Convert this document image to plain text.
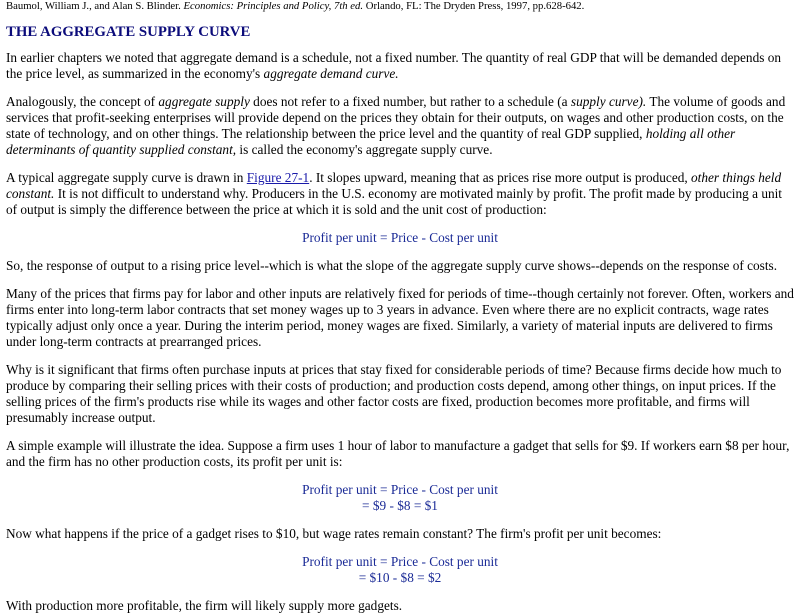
Baumol, William J., and Alan S. Blinder. Economics: Principles and Policy, 7th ed. Orlando, FL: The Dryden Press, 1997, pp.628-642.
THE AGGREGATE SUPPLY CURVE

In earlier chapters we noted that aggregate demand is a schedule, not a fixed number. The quantity of real GDP that will be demanded depends on the price level, as summarized in the economy's aggregate demand curve.

Analogously, the concept of aggregate supply does not refer to a fixed number, but rather to a schedule (a supply curve). The volume of goods and services that profit-seeking enterprises will provide depend on the prices they obtain for their outputs, on wages and other production costs, on the state of technology, and on other things. The relationship between the price level and the quantity of real GDP supplied, holding all other determinants of quantity supplied constant, is called the economy's aggregate supply curve.

A typical aggregate supply curve is drawn in Figure 27-1. It slopes upward, meaning that as prices rise more output is produced, other things held constant. It is not difficult to understand why. Producers in the U.S. economy are motivated mainly by profit. The profit made by producing a unit of output is simply the difference between the price at which it is sold and the unit cost of production:

Profit per unit = Price - Cost per unit

So, the response of output to a rising price level--which is what the slope of the aggregate supply curve shows--depends on the response of costs.

Many of the prices that firms pay for labor and other inputs are relatively fixed for periods of time--though certainly not forever. Often, workers and firms enter into long-term labor contracts that set money wages up to 3 years in advance. Even where there are no explicit contracts, wage rates typically adjust only once a year. During the interim period, money wages are fixed. Similarly, a variety of material inputs are delivered to firms under long-term contracts at prearranged prices.

Why is it significant that firms often purchase inputs at prices that stay fixed for considerable periods of time? Because firms decide how much to produce by comparing their selling prices with their costs of production; and production costs depend, among other things, on input prices. If the selling prices of the firm's products rise while its wages and other factor costs are fixed, production becomes more profitable, and firms will presumably increase output.

A simple example will illustrate the idea. Suppose a firm uses 1 hour of labor to manufacture a gadget that sells for $9. If workers earn $8 per hour, and the firm has no other production costs, its profit per unit is:

Profit per unit = Price - Cost per unit
= $9 - $8 = $1

Now what happens if the price of a gadget rises to $10, but wage rates remain constant? The firm's profit per unit becomes:

Profit per unit = Price - Cost per unit
= $10 - $8 = $2

With production more profitable, the firm will likely supply more gadgets.
